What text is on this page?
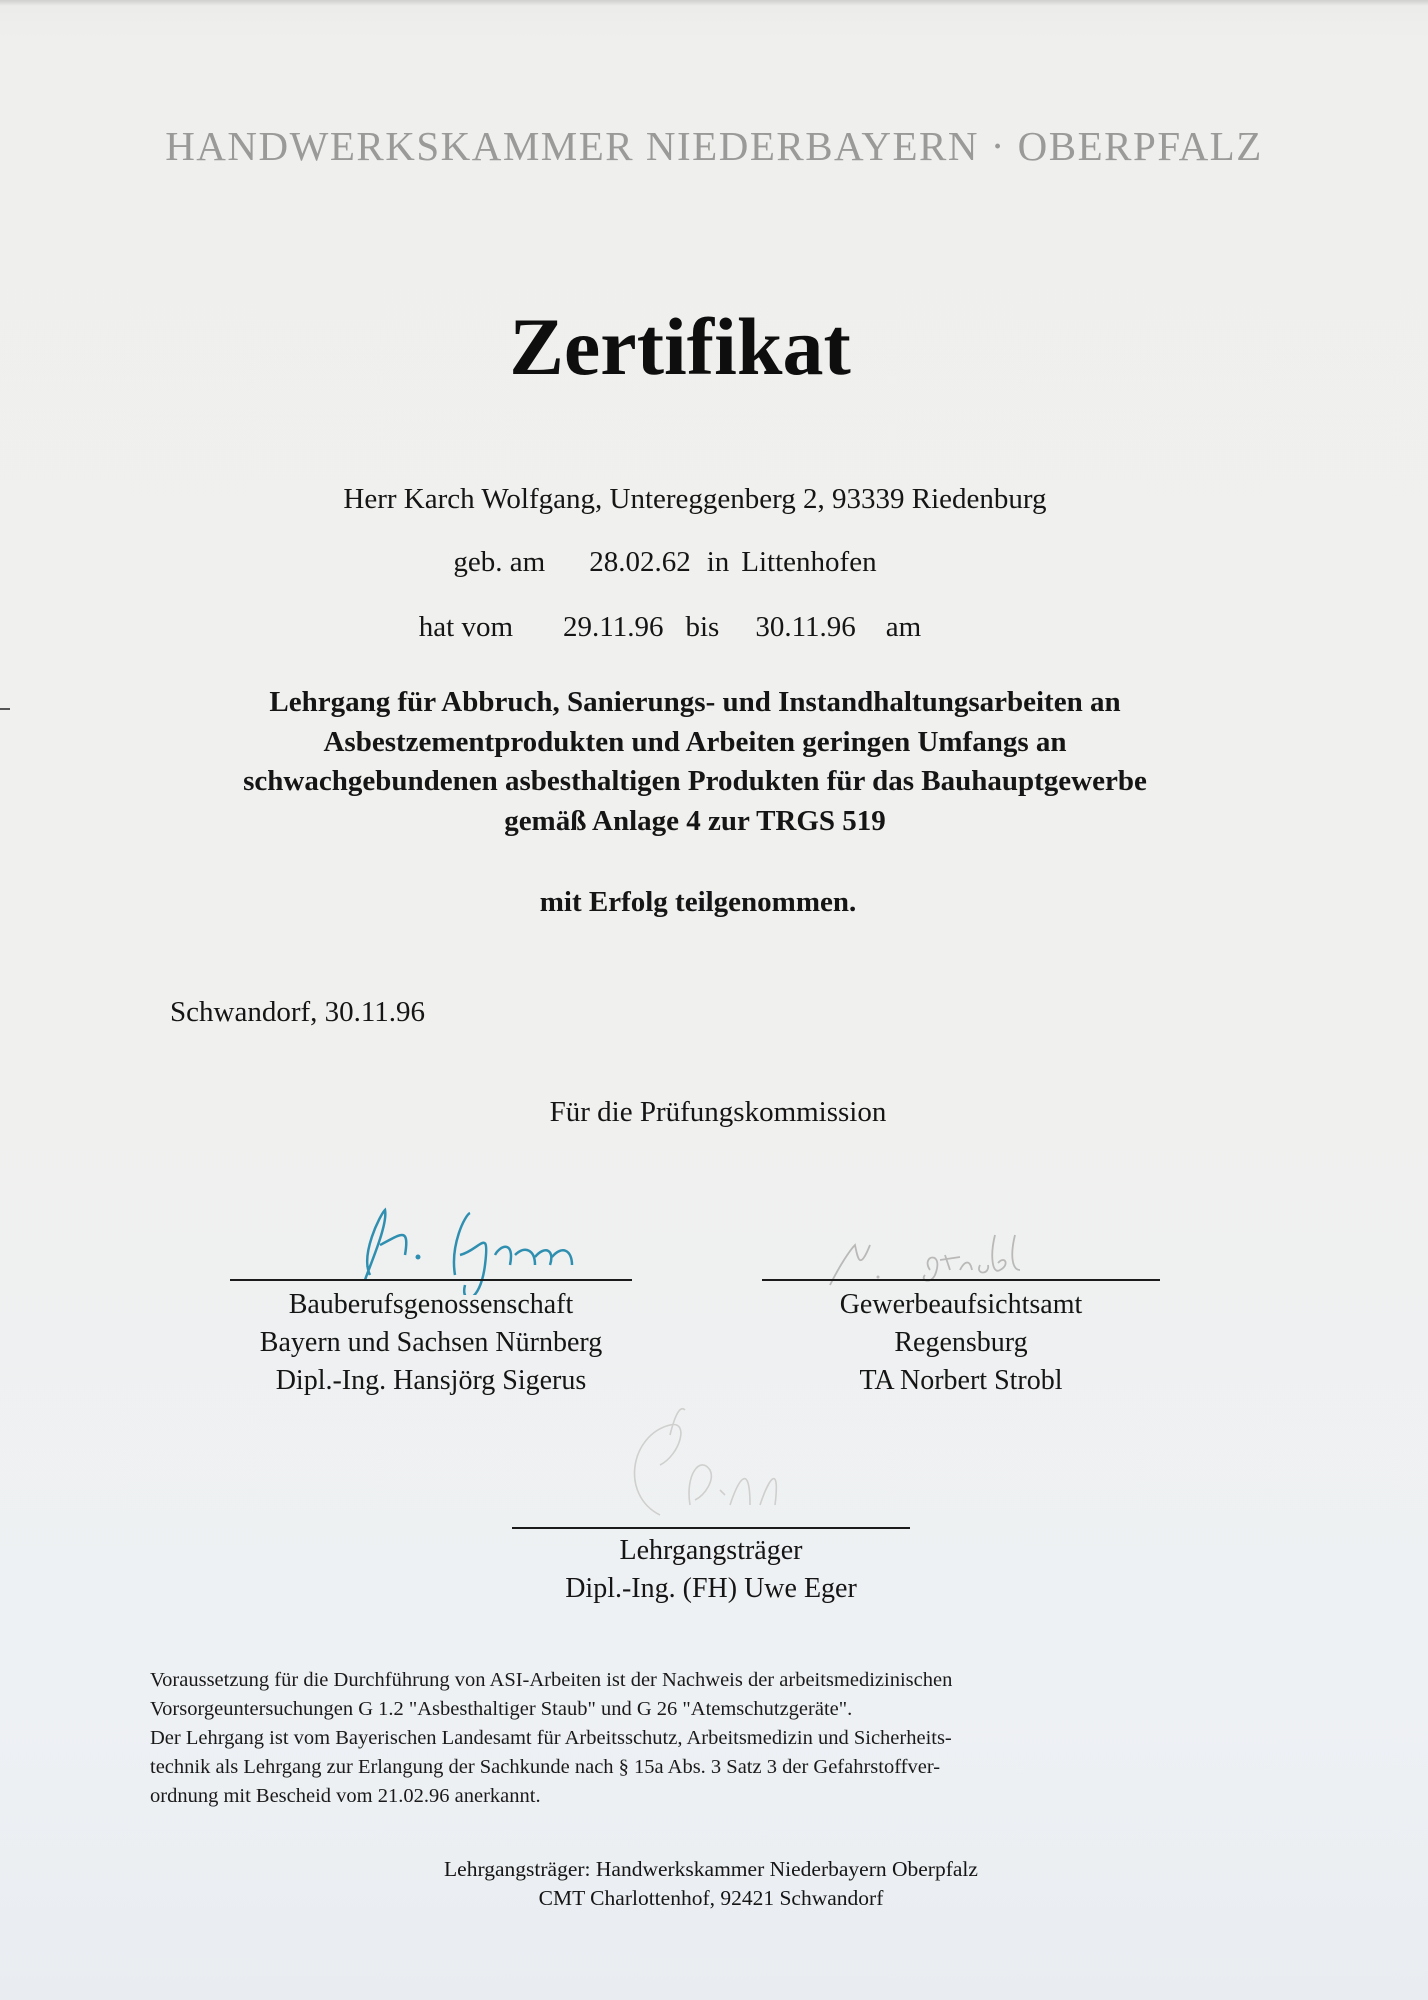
HANDWERKSKAMMER NIEDERBAYERN · OBERPFALZ
Zertifikat
Herr Karch Wolfgang, Untereggenberg 2, 93339 Riedenburg
geb. am 28.02.62 in Littenhofen
hat vom 29.11.96 bis 30.11.96 am
Lehrgang für Abbruch, Sanierungs- und Instandhaltungsarbeiten an
Asbestzementprodukten und Arbeiten geringen Umfangs an
schwachgebundenen asbesthaltigen Produkten für das Bauhauptgewerbe
gemäß Anlage 4 zur TRGS 519
mit Erfolg teilgenommen.
Schwandorf, 30.11.96
Für die Prüfungskommission
Bauberufsgenossenschaft
Bayern und Sachsen Nürnberg
Dipl.-Ing. Hansjörg Sigerus
Gewerbeaufsichtsamt
Regensburg
TA Norbert Strobl
Lehrgangsträger
Dipl.-Ing. (FH) Uwe Eger
Voraussetzung für die Durchführung von ASI-Arbeiten ist der Nachweis der arbeitsmedizinischen
Vorsorgeuntersuchungen G 1.2 "Asbesthaltiger Staub" und G 26 "Atemschutzgeräte".
Der Lehrgang ist vom Bayerischen Landesamt für Arbeitsschutz, Arbeitsmedizin und Sicherheits-
technik als Lehrgang zur Erlangung der Sachkunde nach § 15a Abs. 3 Satz 3 der Gefahrstoffver-
ordnung mit Bescheid vom 21.02.96 anerkannt.
Lehrgangsträger: Handwerkskammer Niederbayern Oberpfalz
CMT Charlottenhof, 92421 Schwandorf
